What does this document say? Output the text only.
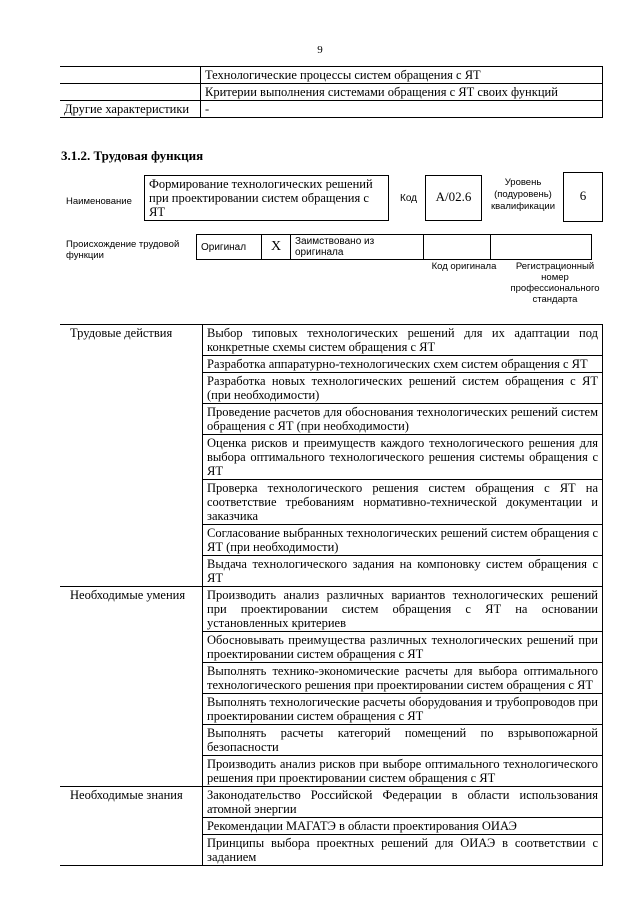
9
	Технологические процессы систем обращения с ЯТ
	Критерии выполнения системами обращения с ЯТ своих функций
Другие характеристики	-
3.1.2. Трудовая функция
Наименование
Формирование технологических решений при проектировании систем обращения с ЯТ
Код	А/02.6
Уровень (подуровень) квалификации
6
Происхождение трудовой функции
Оригинал	X	Заимствовано из оригинала		
Код оригинала	Регистрационный номер профессионального стандарта
Трудовые действия	Выбор типовых технологических решений для их адаптации под конкретные схемы систем обращения с ЯТ
	Разработка аппаратурно-технологических схем систем обращения с ЯТ
	Разработка новых технологических решений систем обращения с ЯТ (при необходимости)
	Проведение расчетов для обоснования технологических решений систем обращения с ЯТ (при необходимости)
	Оценка рисков и преимуществ каждого технологического решения для выбора оптимального технологического решения системы обращения с ЯТ
	Проверка технологического решения систем обращения с ЯТ на соответствие требованиям нормативно-технической документации и заказчика
	Согласование выбранных технологических решений систем обращения с ЯТ (при необходимости)
	Выдача технологического задания на компоновку систем обращения с ЯТ
Необходимые умения	Производить анализ различных вариантов технологических решений при проектировании систем обращения с ЯТ на основании установленных критериев
	Обосновывать преимущества различных технологических решений при проектировании систем обращения с ЯТ
	Выполнять технико-экономические расчеты для выбора оптимального технологического решения при проектировании систем обращения с ЯТ
	Выполнять технологические расчеты оборудования и трубопроводов при проектировании систем обращения с ЯТ
	Выполнять расчеты категорий помещений по взрывопожарной безопасности
	Производить анализ рисков при выборе оптимального технологического решения при проектировании систем обращения с ЯТ
Необходимые знания	Законодательство Российской Федерации в области использования атомной энергии
	Рекомендации МАГАТЭ в области проектирования ОИАЭ
	Принципы выбора проектных решений для ОИАЭ в соответствии с заданием
